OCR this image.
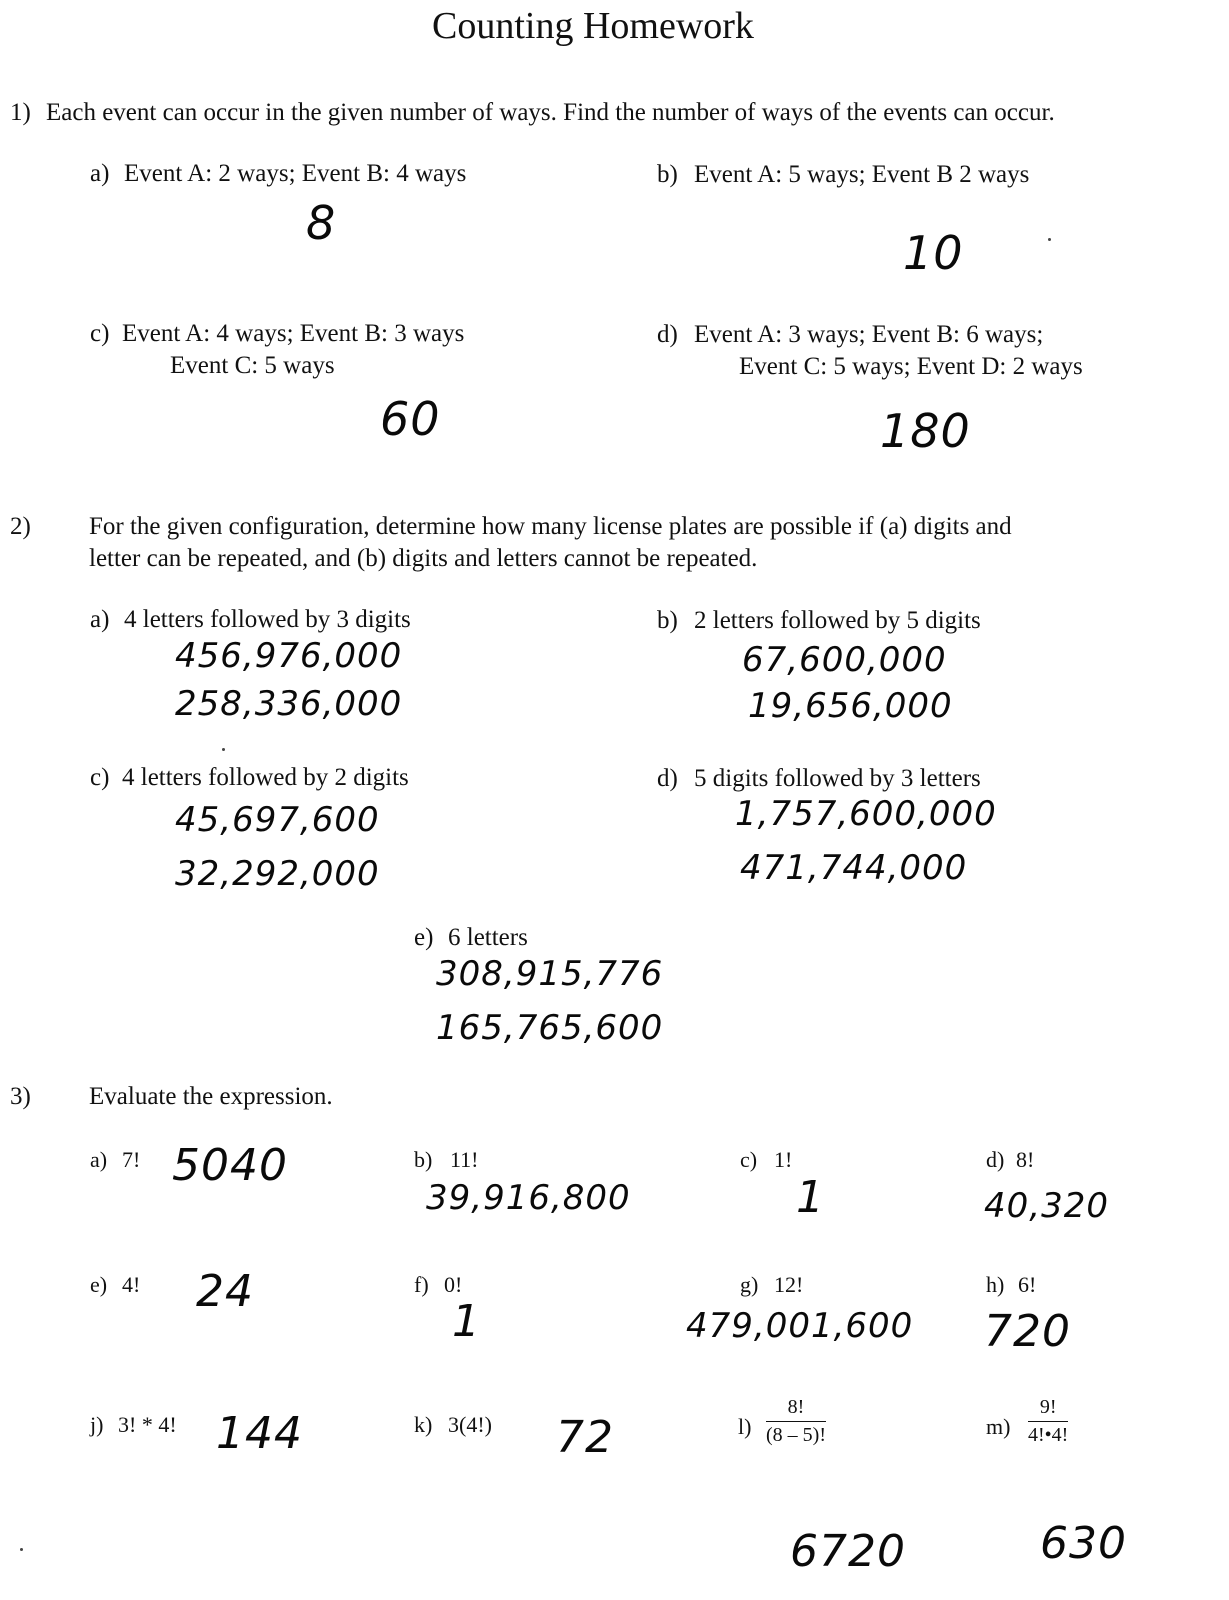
Counting Homework
1) Each event can occur in the given number of ways. Find the number of ways of the events can occur.
a) Event A: 2 ways; Event B: 4 ways
8
b) Event A: 5 ways; Event B 2 ways
10
c) Event A: 4 ways; Event B: 3 ways
Event C: 5 ways
60
d) Event A: 3 ways; Event B: 6 ways;
Event C: 5 ways; Event D: 2 ways
180
2) For the given configuration, determine how many license plates are possible if (a) digits and
letter can be repeated, and (b) digits and letters cannot be repeated.
a) 4 letters followed by 3 digits
456,976,000
258,336,000
b) 2 letters followed by 5 digits
67,600,000
19,656,000
c) 4 letters followed by 2 digits
45,697,600
32,292,000
d) 5 digits followed by 3 letters
1,757,600,000
471,744,000
e) 6 letters
308,915,776
165,765,600
3) Evaluate the expression.
a) 7! 5040	b) 11!
39,916,800
c) 1!
1
d) 8!
40,320
e) 4! 24	f) 0!
1
g) 12!
479,001,600
h) 6!
720
j) 3! * 4! 144	k) 3(4!) 72	$l) \frac{8!}{(8 - 5)!}$
6720
$m) \frac{9!}{4!•4!}$
630
